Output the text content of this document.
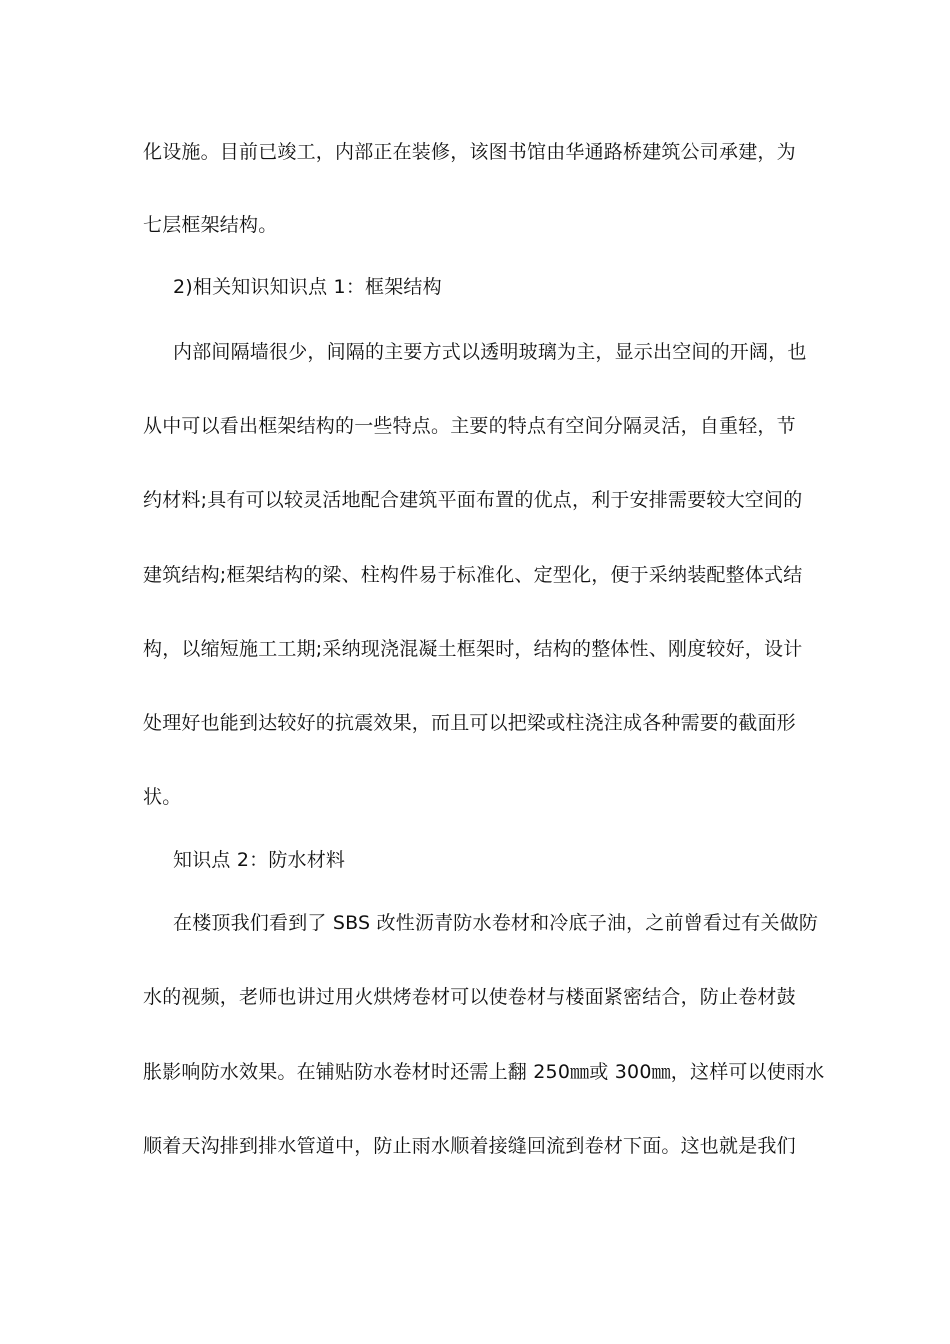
化设施。目前已竣工，内部正在装修，该图书馆由华通路桥建筑公司承建，为
七层框架结构。
2)相关知识知识点 1：框架结构
内部间隔墙很少，间隔的主要方式以透明玻璃为主，显示出空间的开阔，也
从中可以看出框架结构的一些特点。主要的特点有空间分隔灵活，自重轻，节
约材料;具有可以较灵活地配合建筑平面布置的优点，利于安排需要较大空间的
建筑结构;框架结构的梁、柱构件易于标准化、定型化，便于采纳装配整体式结
构，以缩短施工工期;采纳现浇混凝土框架时，结构的整体性、刚度较好，设计
处理好也能到达较好的抗震效果，而且可以把梁或柱浇注成各种需要的截面形
状。
知识点 2：防水材料
在楼顶我们看到了 SBS 改性沥青防水卷材和冷底子油，之前曾看过有关做防
水的视频，老师也讲过用火烘烤卷材可以使卷材与楼面紧密结合，防止卷材鼓
胀影响防水效果。在铺贴防水卷材时还需上翻 250㎜或 300㎜，这样可以使雨水
顺着天沟排到排水管道中，防止雨水顺着接缝回流到卷材下面。这也就是我们
